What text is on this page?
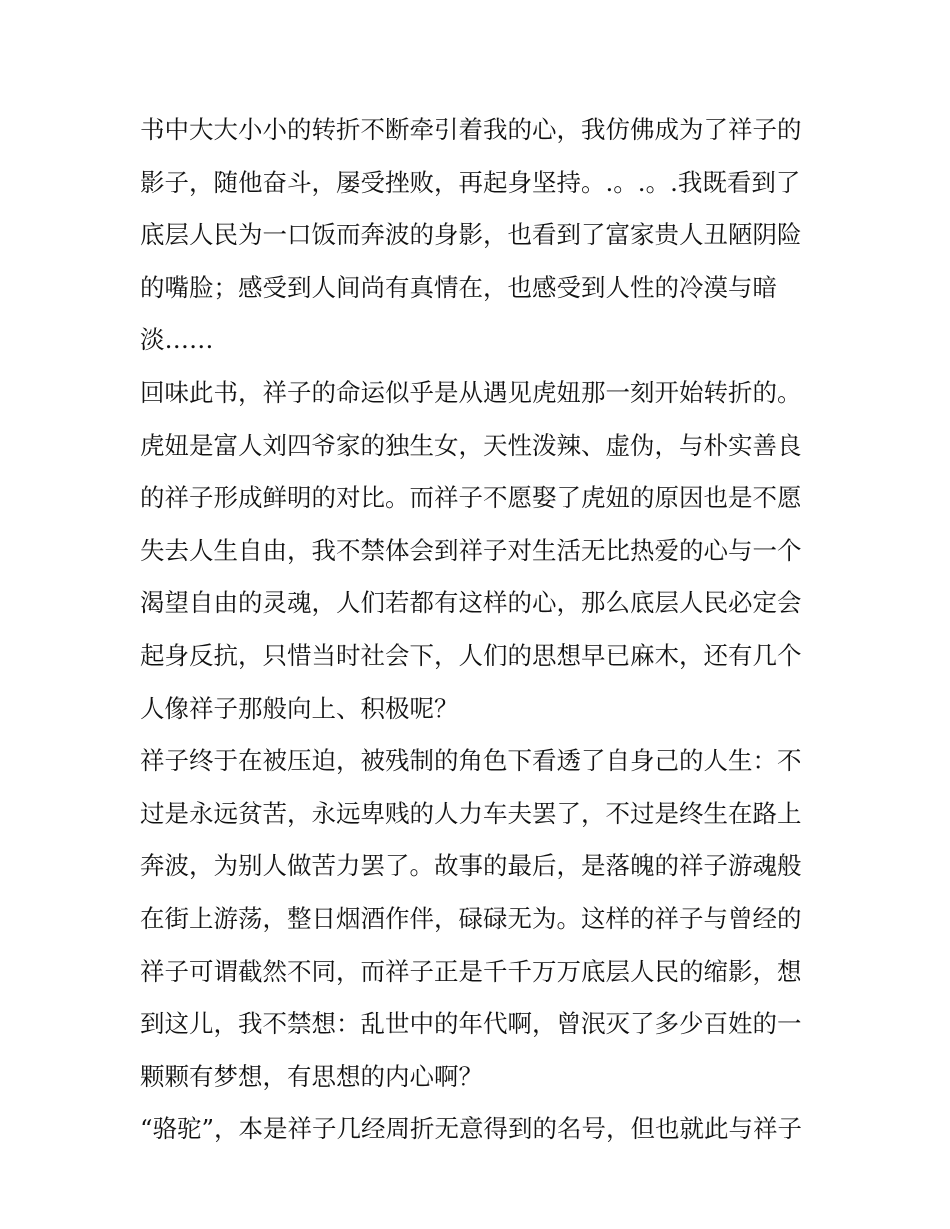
书中大大小小的转折不断牵引着我的心，我仿佛成为了祥子的
影子，随他奋斗，屡受挫败，再起身坚持。.。.。.我既看到了
底层人民为一口饭而奔波的身影，也看到了富家贵人丑陋阴险
的嘴脸；感受到人间尚有真情在，也感受到人性的冷漠与暗
淡……
回味此书，祥子的命运似乎是从遇见虎妞那一刻开始转折的。
虎妞是富人刘四爷家的独生女，天性泼辣、虚伪，与朴实善良
的祥子形成鲜明的对比。而祥子不愿娶了虎妞的原因也是不愿
失去人生自由，我不禁体会到祥子对生活无比热爱的心与一个
渴望自由的灵魂，人们若都有这样的心，那么底层人民必定会
起身反抗，只惜当时社会下，人们的思想早已麻木，还有几个
人像祥子那般向上、积极呢？
祥子终于在被压迫，被残制的角色下看透了自身己的人生：不
过是永远贫苦，永远卑贱的人力车夫罢了，不过是终生在路上
奔波，为别人做苦力罢了。故事的最后，是落魄的祥子游魂般
在街上游荡，整日烟酒作伴，碌碌无为。这样的祥子与曾经的
祥子可谓截然不同，而祥子正是千千万万底层人民的缩影，想
到这儿，我不禁想：乱世中的年代啊，曾泯灭了多少百姓的一
颗颗有梦想，有思想的内心啊？
“骆驼”，本是祥子几经周折无意得到的名号，但也就此与祥子
